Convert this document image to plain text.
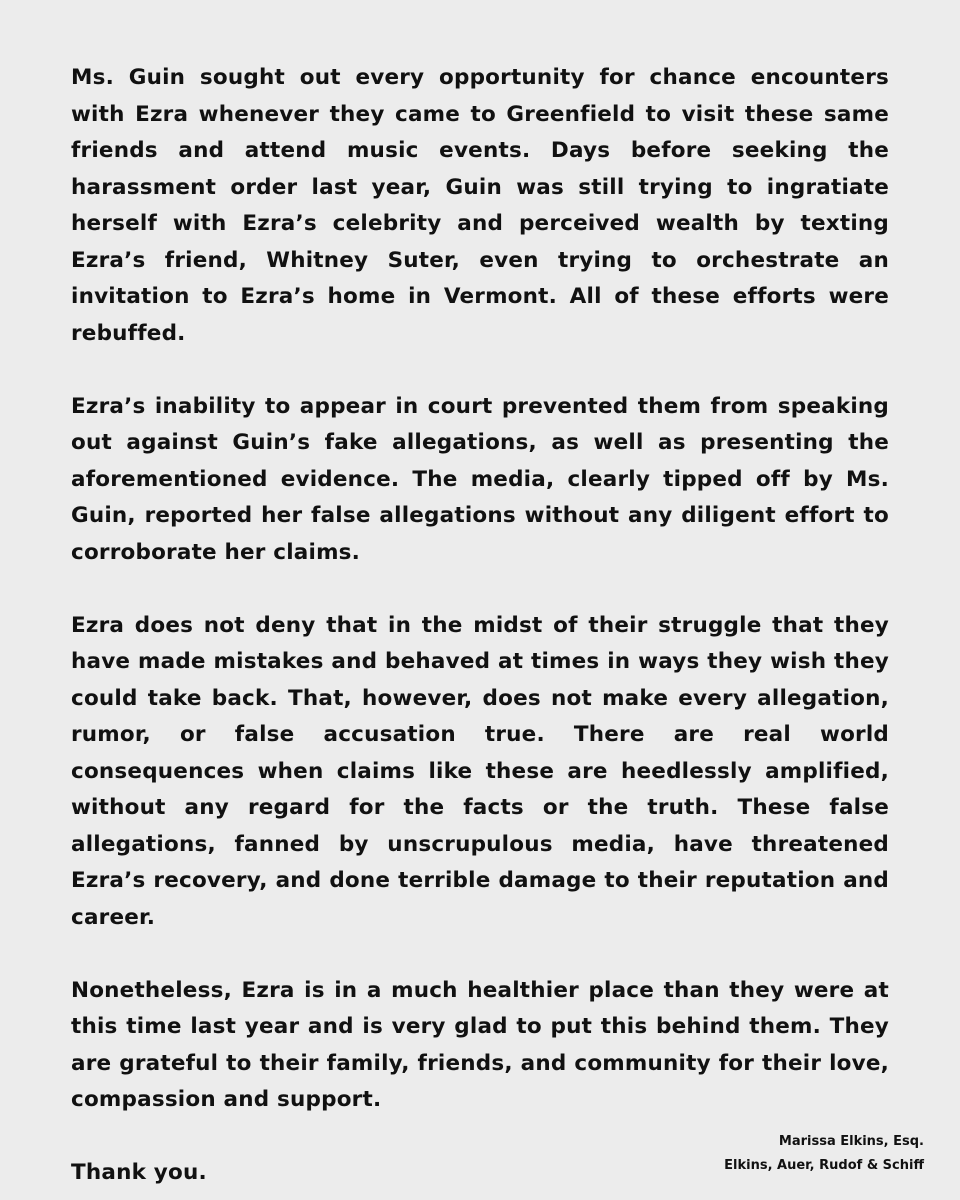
Ms. Guin sought out every opportunity for chance encounters with Ezra whenever they came to Greenfield to visit these same friends and attend music events. Days before seeking the harassment order last year, Guin was still trying to ingratiate herself with Ezra’s celebrity and perceived wealth by texting Ezra’s friend, Whitney Suter, even trying to orchestrate an invitation to Ezra’s home in Vermont. All of these efforts were rebuffed.

Ezra’s inability to appear in court prevented them from speaking out against Guin’s fake allegations, as well as presenting the aforementioned evidence. The media, clearly tipped off by Ms. Guin, reported her false allegations without any diligent effort to corroborate her claims.

Ezra does not deny that in the midst of their struggle that they have made mistakes and behaved at times in ways they wish they could take back. That, however, does not make every allegation, rumor, or false accusation true. There are real world consequences when claims like these are heedlessly amplified, without any regard for the facts or the truth. These false allegations, fanned by unscrupulous media, have threatened Ezra’s recovery, and done terrible damage to their reputation and career.

Nonetheless, Ezra is in a much healthier place than they were at this time last year and is very glad to put this behind them. They are grateful to their family, friends, and community for their love, compassion and support.

Thank you.

Marissa Elkins, Esq.
Elkins, Auer, Rudof & Schiff
